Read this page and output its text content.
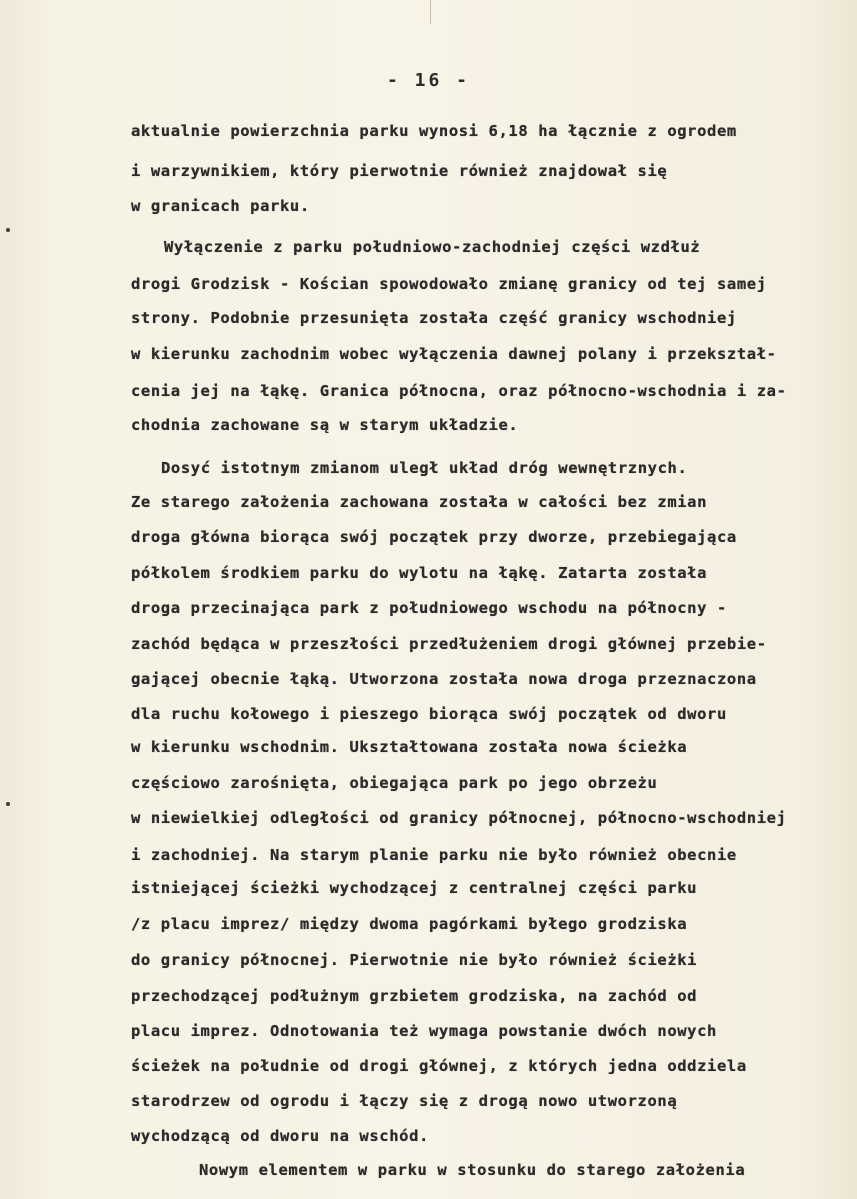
- 16 -
aktualnie powierzchnia parku wynosi 6,18 ha łącznie z ogrodem
i warzywnikiem, który pierwotnie również znajdował się
w granicach parku.
Wyłączenie z parku południowo-zachodniej części wzdłuż
drogi Grodzisk - Kościan spowodowało zmianę granicy od tej samej
strony. Podobnie przesunięta została część granicy wschodniej
w kierunku zachodnim wobec wyłączenia dawnej polany i przekształ-
cenia jej na łąkę. Granica północna, oraz północno-wschodnia i za-
chodnia zachowane są w starym układzie.
Dosyć istotnym zmianom uległ układ dróg wewnętrznych.
Ze starego założenia zachowana została w całości bez zmian
droga główna biorąca swój początek przy dworze, przebiegająca
półkolem środkiem parku do wylotu na łąkę. Zatarta została
droga przecinająca park z południowego wschodu na północny -
zachód będąca w przeszłości przedłużeniem drogi głównej przebie-
gającej obecnie łąką. Utworzona została nowa droga przeznaczona
dla ruchu kołowego i pieszego biorąca swój początek od dworu
w kierunku wschodnim. Ukształtowana została nowa ścieżka
częściowo zarośnięta, obiegająca park po jego obrzeżu
w niewielkiej odległości od granicy północnej, północno-wschodniej
i zachodniej. Na starym planie parku nie było również obecnie
istniejącej ścieżki wychodzącej z centralnej części parku
/z placu imprez/ między dwoma pagórkami byłego grodziska
do granicy północnej. Pierwotnie nie było również ścieżki
przechodzącej podłużnym grzbietem grodziska, na zachód od
placu imprez. Odnotowania też wymaga powstanie dwóch nowych
ścieżek na południe od drogi głównej, z których jedna oddziela
starodrzew od ogrodu i łączy się z drogą nowo utworzoną
wychodzącą od dworu na wschód.
Nowym elementem w parku w stosunku do starego założenia
